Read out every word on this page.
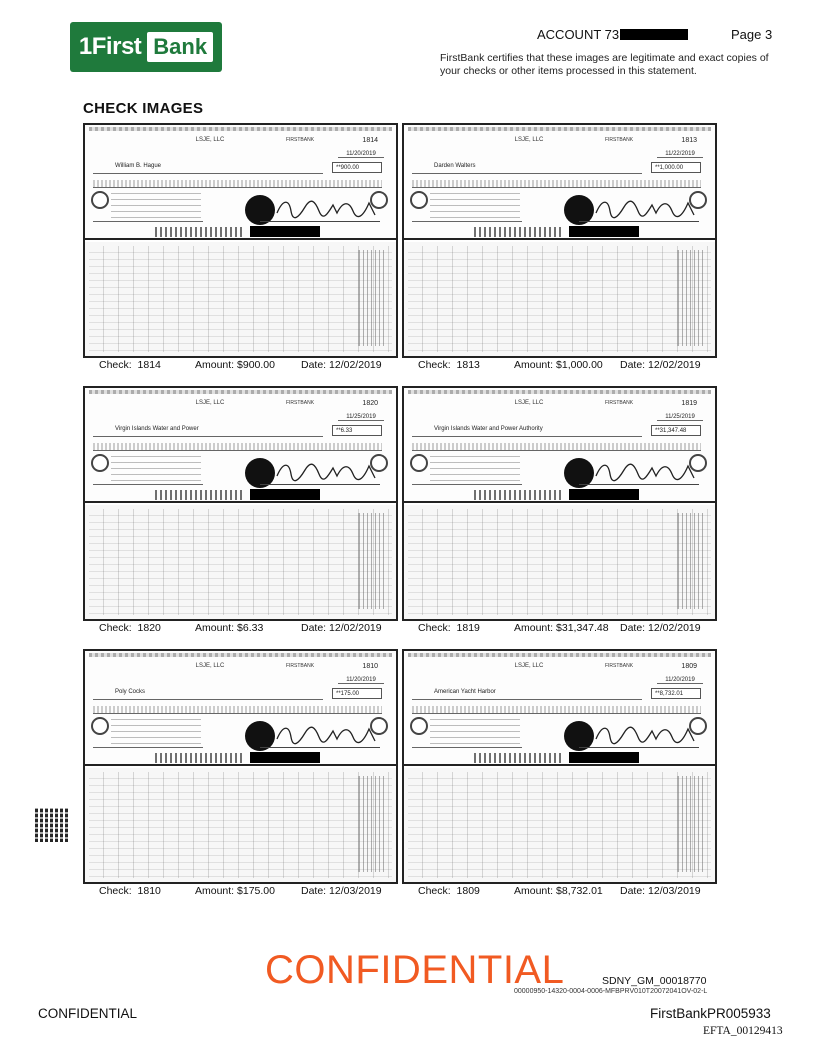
1First Bank	ACCOUNT 73	Page 3
FirstBank certifies that these images are legitimate and exact copies of your checks or other items processed in this statement.
CHECK IMAGES
LSJE, LLC	FIRSTBANK	1814
11/20/2019
William B. Hague	**900.00
Check: 1814	Amount: $900.00 Date: 12/02/2019
LSJE, LLC	FIRSTBANK	1813
11/22/2019
Darden Walters	**1,000.00
Check: 1813	Amount: $1,000.00 Date: 12/02/2019
LSJE, LLC	FIRSTBANK	1820
11/25/2019
Virgin Islands Water and Power	**6.33
Check: 1820	Amount: $6.33	Date: 12/02/2019
LSJE, LLC	FIRSTBANK	1819
11/25/2019
Virgin Islands Water and Power Authority	**31,347.48
Check: 1819	Amount: $31,347.48 Date: 12/02/2019
LSJE, LLC	FIRSTBANK	1810
11/20/2019
Poly Cocks	**175.00
Check: 1810	Amount: $175.00 Date: 12/03/2019
LSJE, LLC	FIRSTBANK	1809
11/20/2019
American Yacht Harbor	**8,732.01
Check: 1809	Amount: $8,732.01 Date: 12/03/2019
CONFIDENTIAL	SDNY_GM_00018770
00000950-14320-0004-0006-MFBPRV010T20072041OV-02-L
CONFIDENTIAL	FirstBankPR005933
EFTA_00129413
